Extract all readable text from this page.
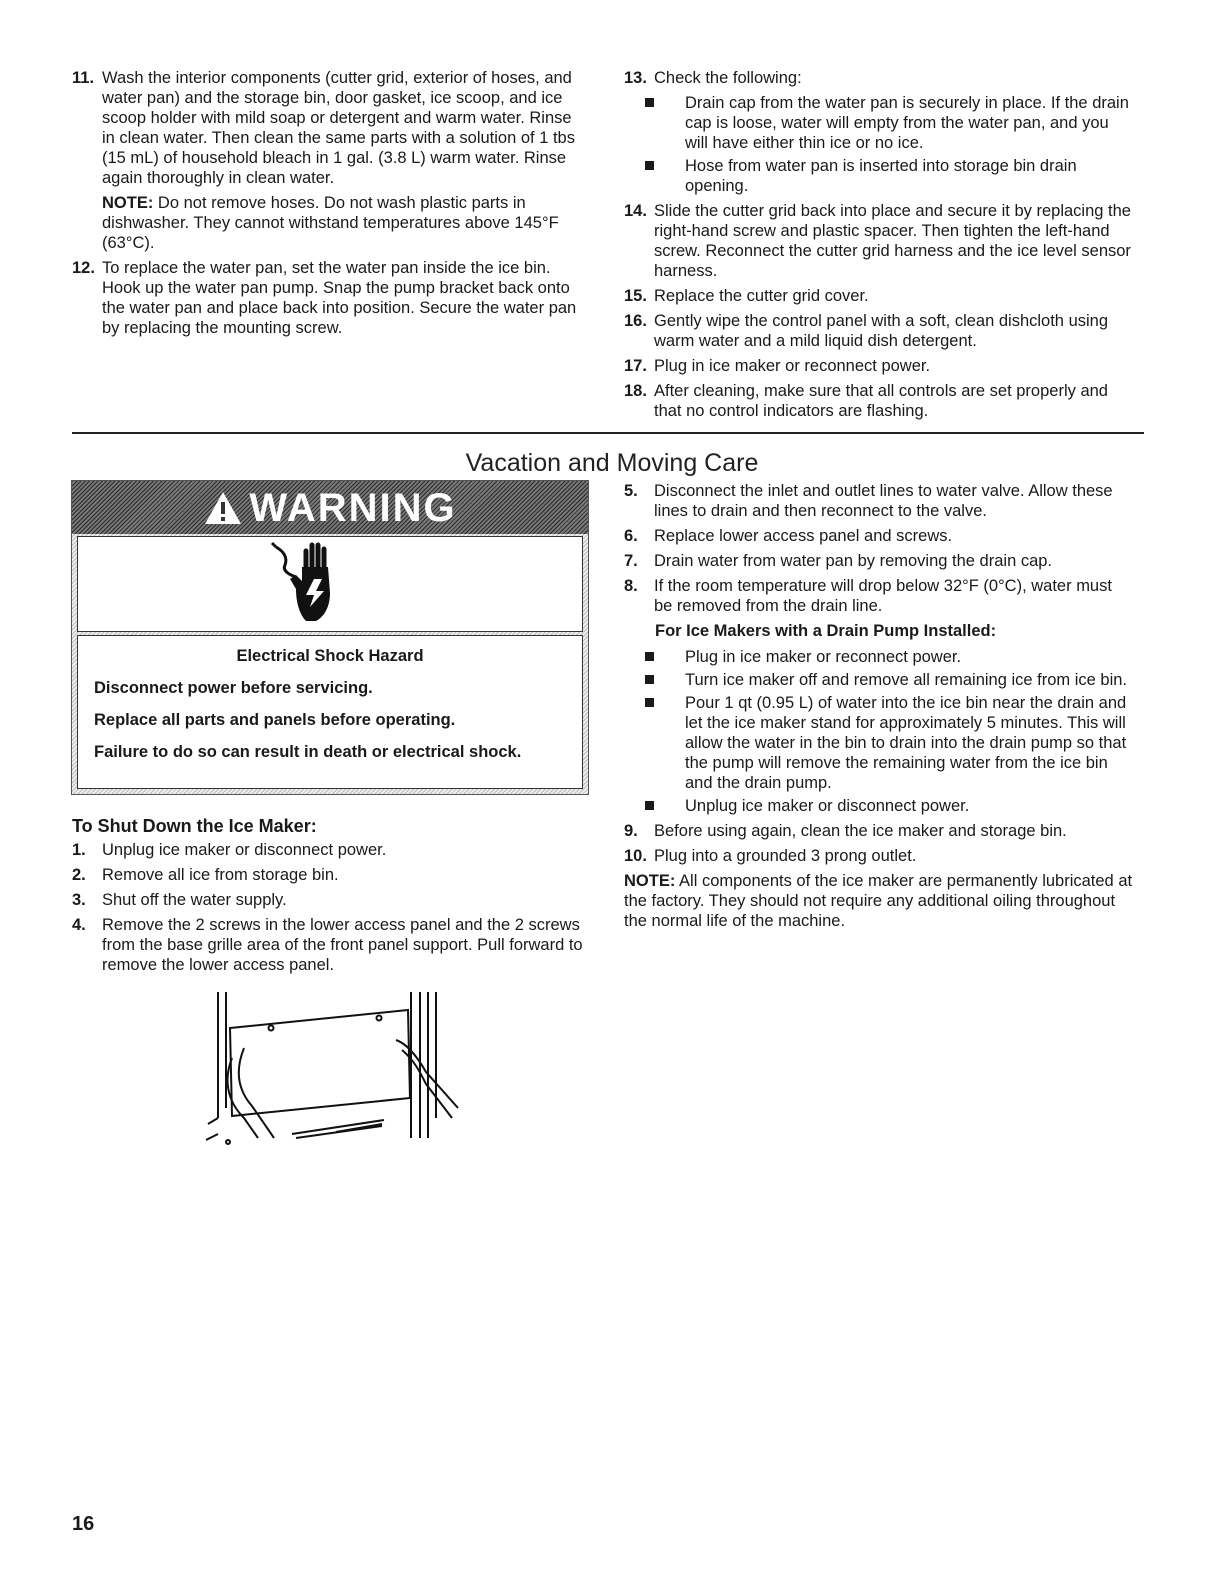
11. Wash the interior components (cutter grid, exterior of hoses, and water pan) and the storage bin, door gasket, ice scoop, and ice scoop holder with mild soap or detergent and warm water. Rinse in clean water. Then clean the same parts with a solution of 1 tbs (15 mL) of household bleach in 1 gal. (3.8 L) warm water. Rinse again thoroughly in clean water.
NOTE: Do not remove hoses. Do not wash plastic parts in dishwasher. They cannot withstand temperatures above 145°F (63°C).
12. To replace the water pan, set the water pan inside the ice bin. Hook up the water pan pump. Snap the pump bracket back onto the water pan and place back into position. Secure the water pan by replacing the mounting screw.
13. Check the following:
Drain cap from the water pan is securely in place. If the drain cap is loose, water will empty from the water pan, and you will have either thin ice or no ice.
Hose from water pan is inserted into storage bin drain opening.
14. Slide the cutter grid back into place and secure it by replacing the right-hand screw and plastic spacer. Then tighten the left-hand screw. Reconnect the cutter grid harness and the ice level sensor harness.
15. Replace the cutter grid cover.
16. Gently wipe the control panel with a soft, clean dishcloth using warm water and a mild liquid dish detergent.
17. Plug in ice maker or reconnect power.
18. After cleaning, make sure that all controls are set properly and that no control indicators are flashing.
Vacation and Moving Care
WARNING

Electrical Shock Hazard

Disconnect power before servicing.

Replace all parts and panels before operating.

Failure to do so can result in death or electrical shock.

To Shut Down the Ice Maker:
1. Unplug ice maker or disconnect power.
2. Remove all ice from storage bin.
3. Shut off the water supply.
4. Remove the 2 screws in the lower access panel and the 2 screws from the base grille area of the front panel support. Pull forward to remove the lower access panel.
5. Disconnect the inlet and outlet lines to water valve. Allow these lines to drain and then reconnect to the valve.
6. Replace lower access panel and screws.
7. Drain water from water pan by removing the drain cap.
8. If the room temperature will drop below 32°F (0°C), water must be removed from the drain line.
For Ice Makers with a Drain Pump Installed:
Plug in ice maker or reconnect power.
Turn ice maker off and remove all remaining ice from ice bin.
Pour 1 qt (0.95 L) of water into the ice bin near the drain and let the ice maker stand for approximately 5 minutes. This will allow the water in the bin to drain into the drain pump so that the pump will remove the remaining water from the ice bin and the drain pump.
Unplug ice maker or disconnect power.
9. Before using again, clean the ice maker and storage bin.
10. Plug into a grounded 3 prong outlet.
NOTE: All components of the ice maker are permanently lubricated at the factory. They should not require any additional oiling throughout the normal life of the machine.
16
